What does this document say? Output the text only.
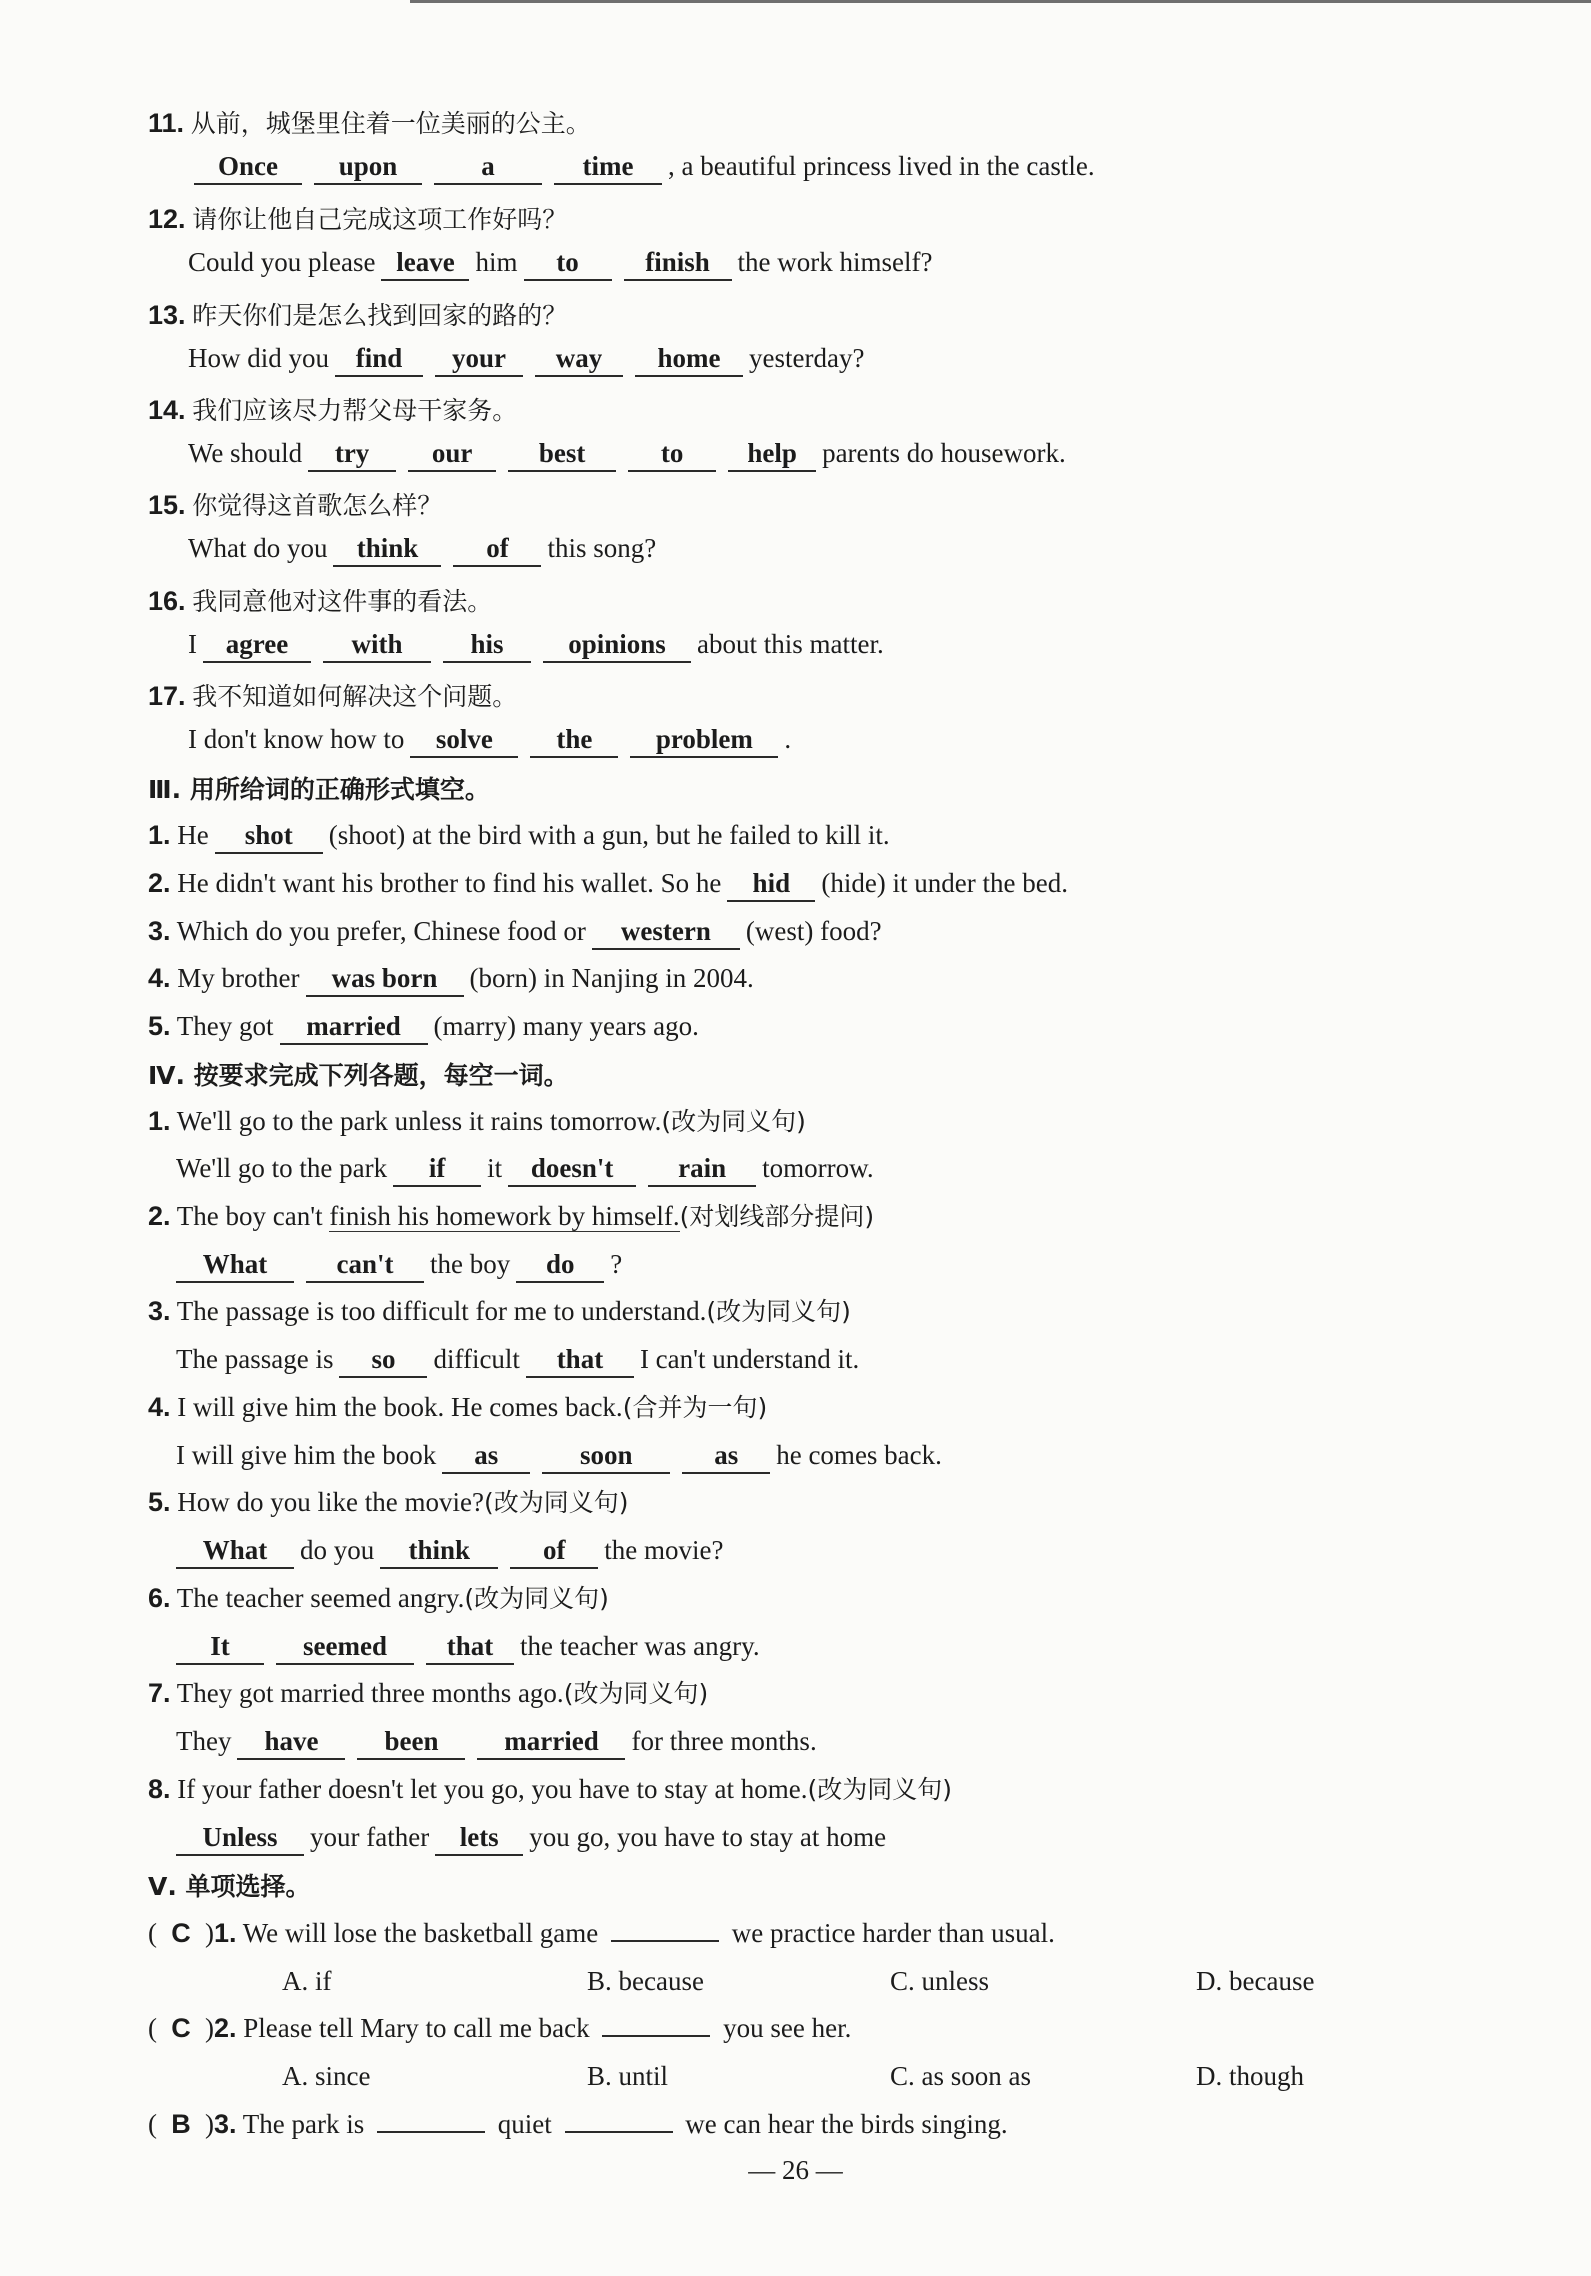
11. 从前，城堡里住着一位美丽的公主。
Once upon	a	time , a beautiful princess lived in the castle.
12. 请你让他自己完成这项工作好吗？
Could you please leave him to finish the work himself?
13. 昨天你们是怎么找到回家的路的？
How did you find your way home yesterday?
14. 我们应该尽力帮父母干家务。
We should try our best	to help parents do housework.
15. 你觉得这首歌怎么样？
What do you think	of this song?
16. 我同意他对这件事的看法。
I agree with	his opinions about this matter.
17. 我不知道如何解决这个问题。
I don't know how to solve the problem .
Ⅲ. 用所给词的正确形式填空。
1. He shot (shoot) at the bird with a gun, but he failed to kill it.
2. He didn't want his brother to find his wallet. So he hid (hide) it under the bed.
3. Which do you prefer, Chinese food or western (west) food?
4. My brother was born (born) in Nanjing in 2004.
5. They got married (marry) many years ago.
Ⅳ. 按要求完成下列各题，每空一词。
1. We'll go to the park unless it rains tomorrow.(改为同义句)
We'll go to the park if it doesn't rain tomorrow.
2. The boy can't finish his homework by himself.(对划线部分提问)
What	can't the boy do ?
3. The passage is too difficult for me to understand.(改为同义句)
The passage is so difficult that I can't understand it.
4. I will give him the book. He comes back.(合并为一句)
I will give him the book as	soon	as he comes back.
5. How do you like the movie?(改为同义句)
What do you think	of the movie?
6. The teacher seemed angry.(改为同义句)
It	seemed that the teacher was angry.
7. They got married three months ago.(改为同义句)
They have been married for three months.
8. If your father doesn't let you go, you have to stay at home.(改为同义句)
Unless your father lets you go, you have to stay at home
Ⅴ. 单项选择。
( C )1. We will lose the basketball game	we practice harder than usual.
A. if	B. because	C. unless	D. because
( C )2. Please tell Mary to call me back	you see her.
A. since	B. until	C. as soon as	D. though
( B )3. The park is	quiet	we can hear the birds singing.
— 26 —
